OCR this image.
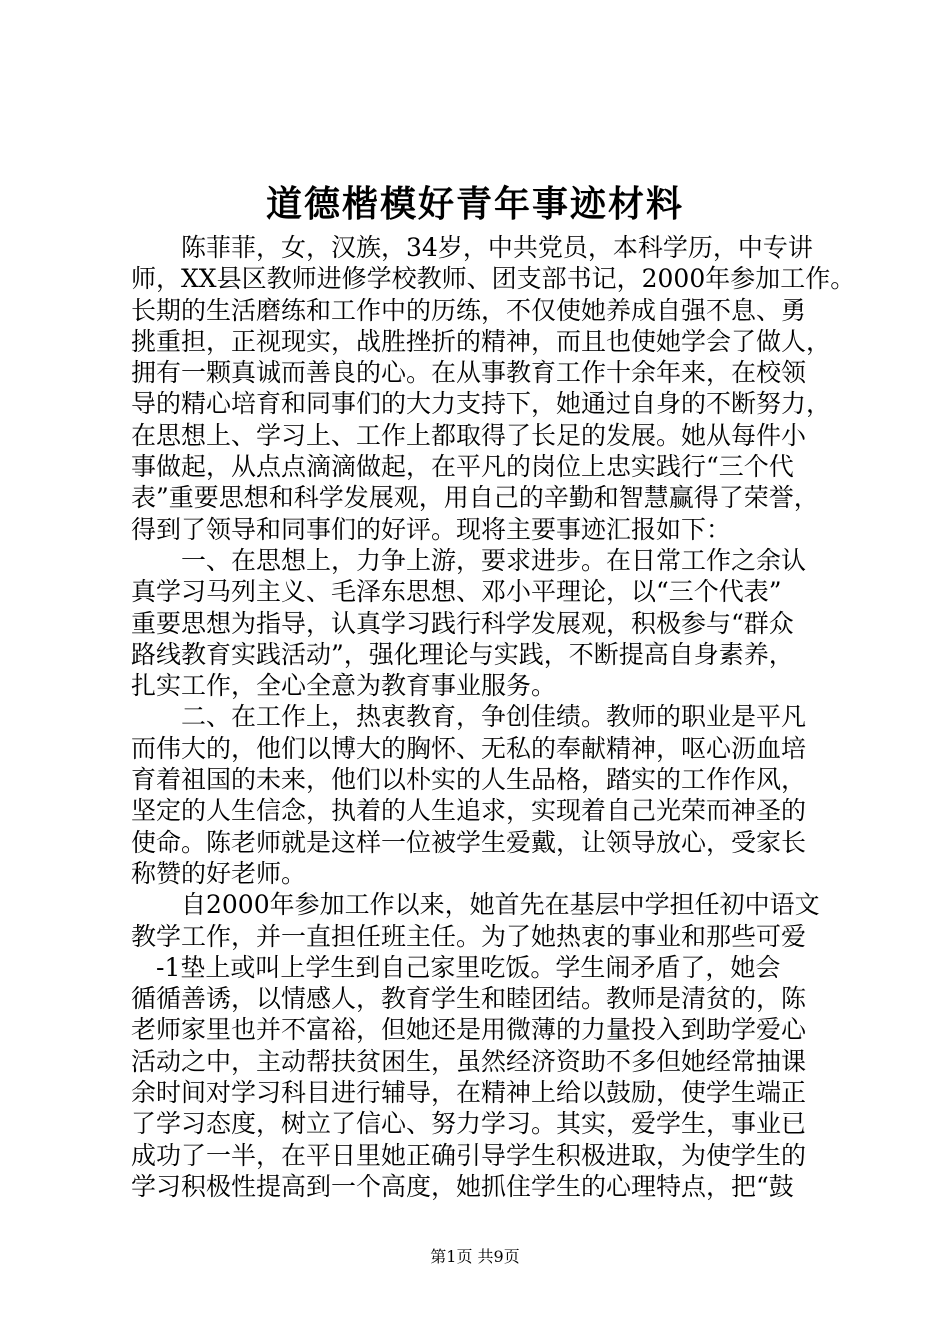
道德楷模好青年事迹材料
　　陈菲菲，女，汉族，34岁，中共党员，本科学历，中专讲
师，XX县区教师进修学校教师、团支部书记，2000年参加工作。
长期的生活磨练和工作中的历练，不仅使她养成自强不息、勇
挑重担，正视现实，战胜挫折的精神，而且也使她学会了做人，
拥有一颗真诚而善良的心。在从事教育工作十余年来，在校领
导的精心培育和同事们的大力支持下，她通过自身的不断努力，
在思想上、学习上、工作上都取得了长足的发展。她从每件小
事做起，从点点滴滴做起，在平凡的岗位上忠实践行“三个代
表”重要思想和科学发展观，用自己的辛勤和智慧赢得了荣誉，
得到了领导和同事们的好评。现将主要事迹汇报如下：
　　一、在思想上，力争上游，要求进步。在日常工作之余认
真学习马列主义、毛泽东思想、邓小平理论，以“三个代表”
重要思想为指导，认真学习践行科学发展观，积极参与“群众
路线教育实践活动”，强化理论与实践，不断提高自身素养，
扎实工作，全心全意为教育事业服务。
　　二、在工作上，热衷教育，争创佳绩。教师的职业是平凡
而伟大的，他们以博大的胸怀、无私的奉献精神，呕心沥血培
育着祖国的未来，他们以朴实的人生品格，踏实的工作作风，
坚定的人生信念，执着的人生追求，实现着自己光荣而神圣的
使命。陈老师就是这样一位被学生爱戴，让领导放心，受家长
称赞的好老师。
　　自2000年参加工作以来，她首先在基层中学担任初中语文
教学工作，并一直担任班主任。为了她热衷的事业和那些可爱
　-1垫上或叫上学生到自己家里吃饭。学生闹矛盾了，她会
循循善诱，以情感人，教育学生和睦团结。教师是清贫的，陈
老师家里也并不富裕，但她还是用微薄的力量投入到助学爱心
活动之中，主动帮扶贫困生，虽然经济资助不多但她经常抽课
余时间对学习科目进行辅导，在精神上给以鼓励，使学生端正
了学习态度，树立了信心、努力学习。其实，爱学生，事业已
成功了一半，在平日里她正确引导学生积极进取，为使学生的
学习积极性提高到一个高度，她抓住学生的心理特点，把“鼓
第1页 共9页
